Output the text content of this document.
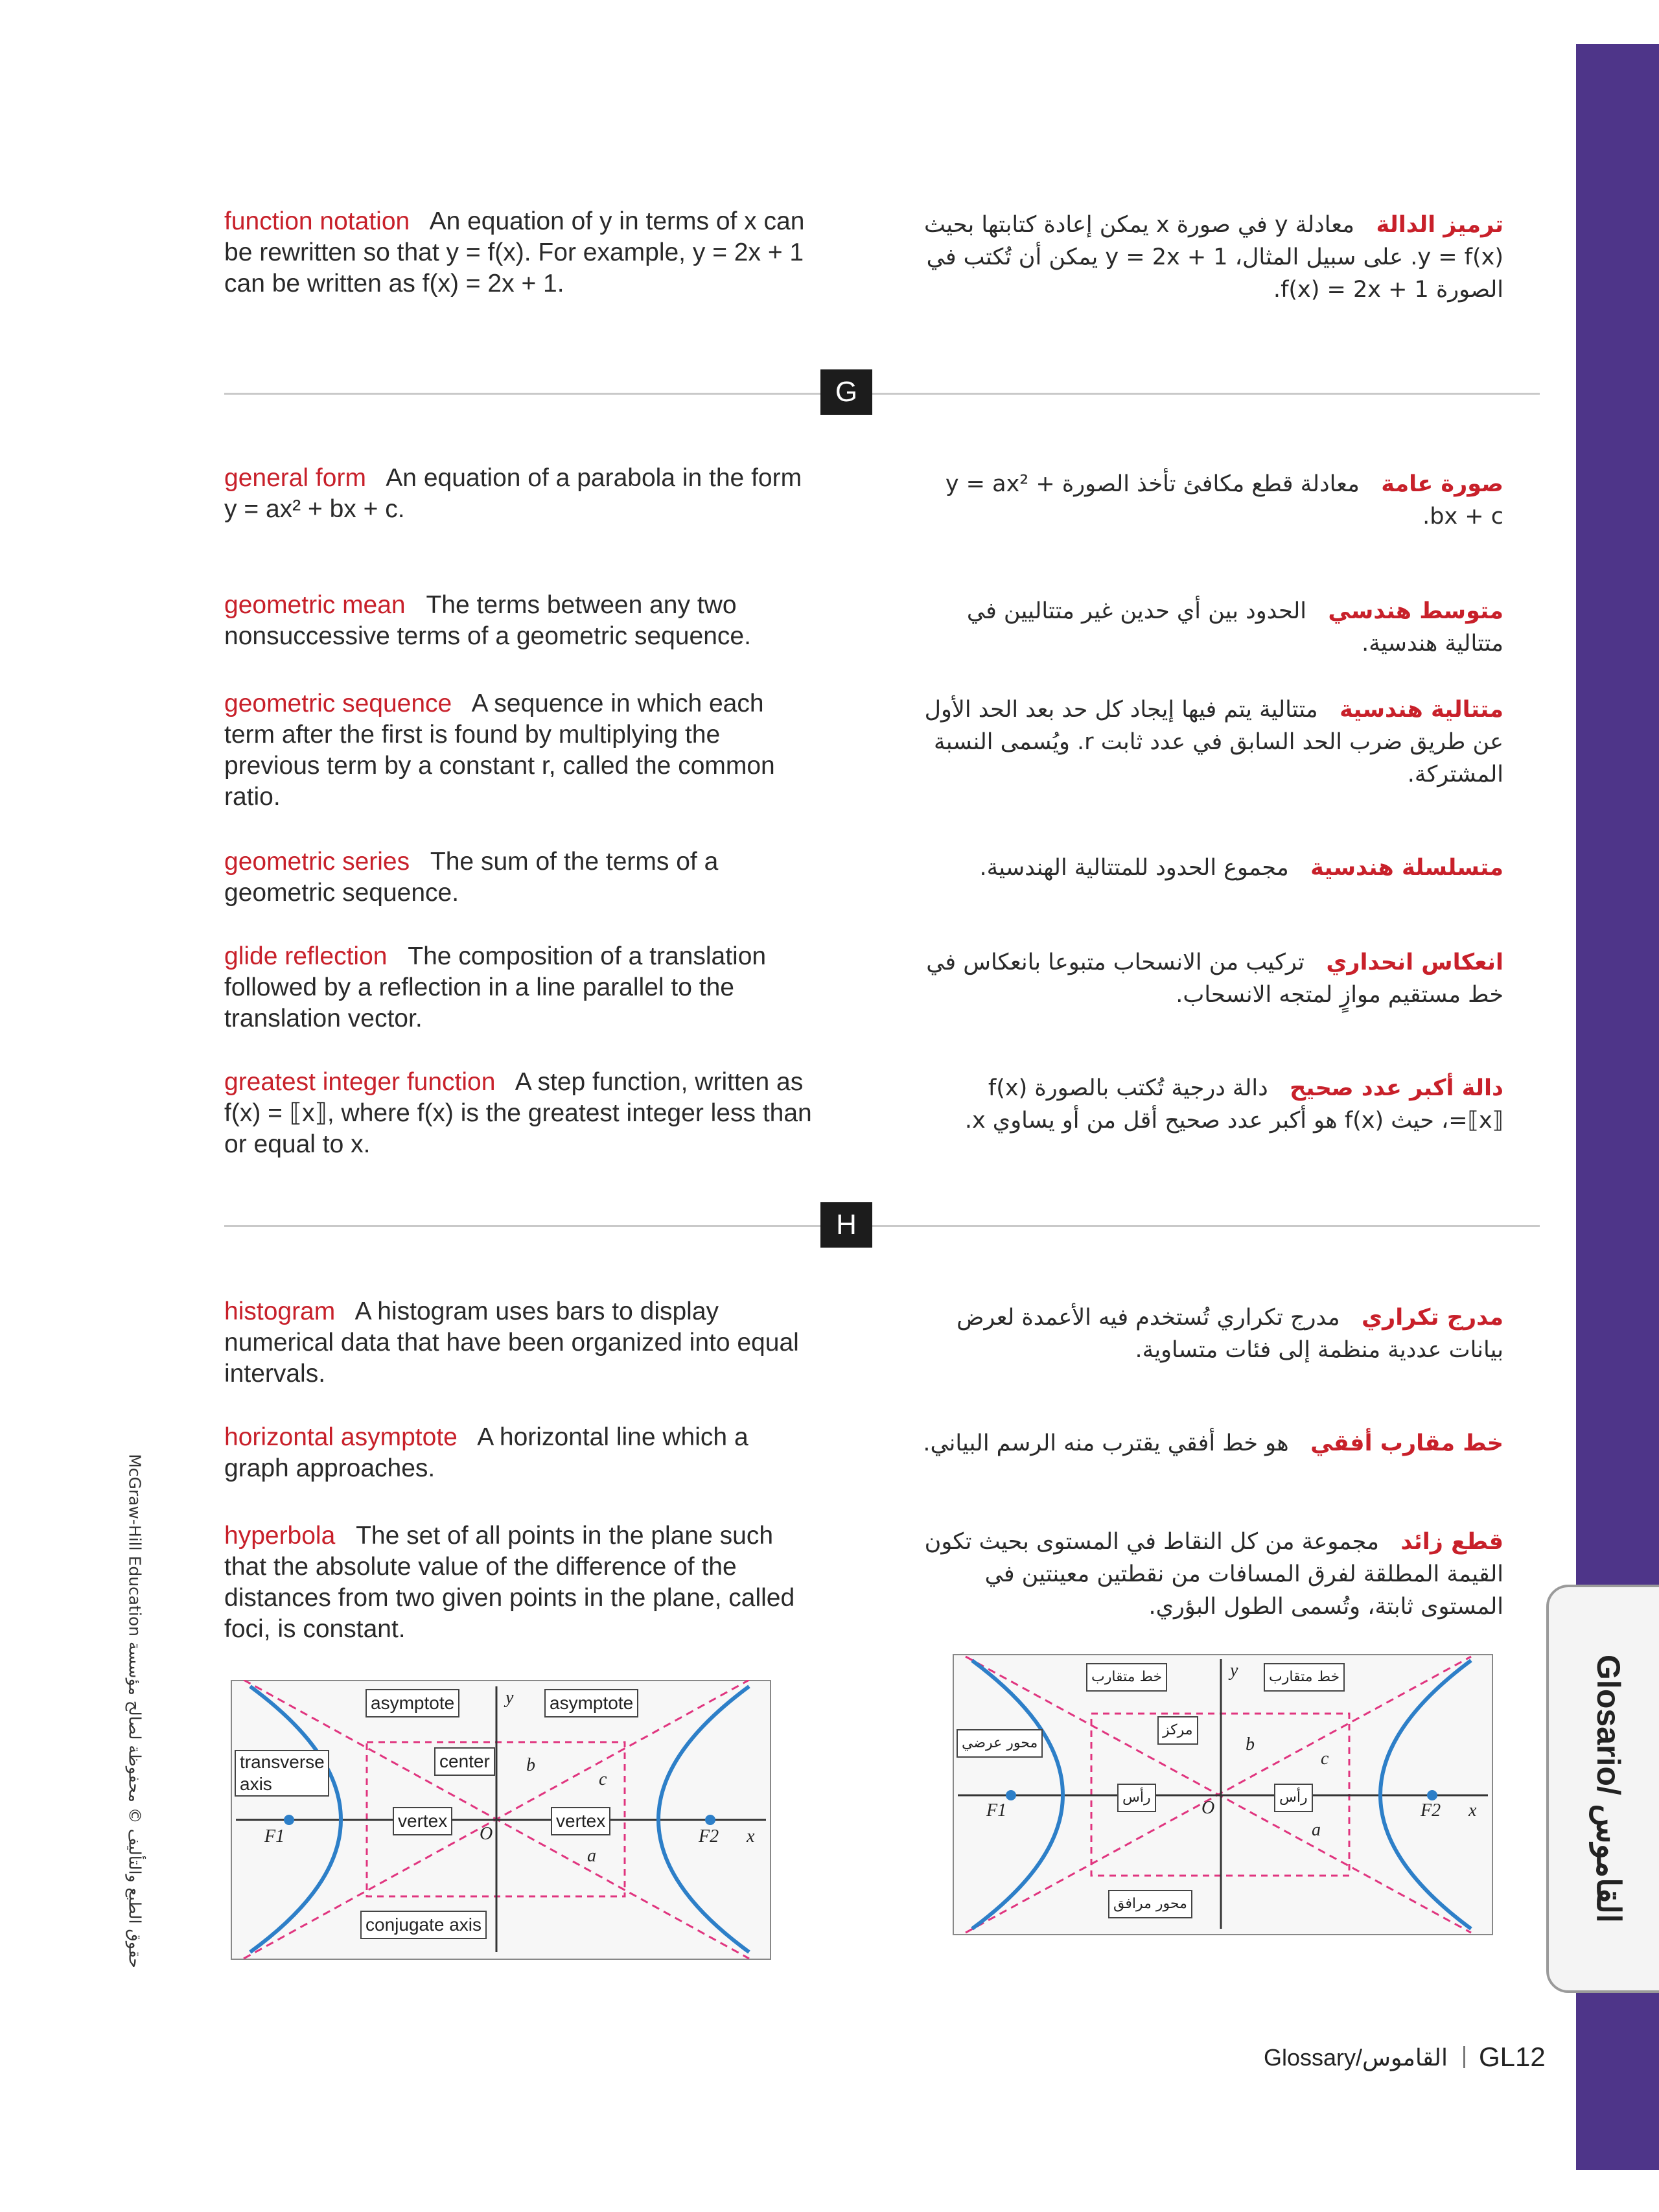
Glosario/ القاموس
McGraw-Hill Education حقوق الطبع والتأليف © محفوظة لصالح مؤسسة
function notation An equation of y in terms of x can be rewritten so that y = f(x). For example, y = 2x + 1 can be written as f(x) = 2x + 1.
ترميز الدالة   معادلة y في صورة x يمكن إعادة كتابتها بحيث y = f(x). على سبيل المثال، y = 2x + 1 يمكن أن تُكتب في الصورة f(x) = 2x + 1.
G
general form An equation of a parabola in the form y = ax² + bx + c.
صورة عامة   معادلة قطع مكافئ تأخذ الصورة y = ax² + bx + c.
geometric mean The terms between any two nonsuccessive terms of a geometric sequence.
متوسط هندسي   الحدود بين أي حدين غير متتاليين في متتالية هندسية.
geometric sequence A sequence in which each term after the first is found by multiplying the previous term by a constant r, called the common ratio.
متتالية هندسية   متتالية يتم فيها إيجاد كل حد بعد الحد الأول عن طريق ضرب الحد السابق في عدد ثابت r. ويُسمى النسبة المشتركة.
geometric series The sum of the terms of a geometric sequence.
متسلسلة هندسية   مجموع الحدود للمتتالية الهندسية.
glide reflection The composition of a translation followed by a reflection in a line parallel to the translation vector.
انعكاس انحداري   تركيب من الانسحاب متبوعا بانعكاس في خط مستقيم موازٍ لمتجه الانسحاب.
greatest integer function A step function, written as f(x) = ⟦x⟧, where f(x) is the greatest integer less than or equal to x.
دالة أكبر عدد صحيح   دالة درجية تُكتب بالصورة f(x) =⟦x⟧، حيث f(x) هو أكبر عدد صحيح أقل من أو يساوي x.
H
histogram A histogram uses bars to display numerical data that have been organized into equal intervals.
مدرج تكراري   مدرج تكراري تُستخدم فيه الأعمدة لعرض بيانات عددية منظمة إلى فئات متساوية.
horizontal asymptote A horizontal line which a graph approaches.
خط مقارب أفقي   هو خط أفقي يقترب منه الرسم البياني.
hyperbola The set of all points in the plane such that the absolute value of the difference of the distances from two given points in the plane, called foci, is constant.
قطع زائد   مجموعة من كل النقاط في المستوى بحيث تكون القيمة المطلقة لفرق المسافات من نقطتين معينتين في المستوى ثابتة، وتُسمى الطول البؤري.
asymptote	asymptote
transverse axis
center
vertex	vertex
conjugate axis
y
x
b
c
a
O
F1	F2
خط متقارب	خط متقارب
محور عرضي
مركز
رأس	رأس
محور مرافق
y
x
b
c
a
O
F1	F2
Glossary/القاموس GL12
